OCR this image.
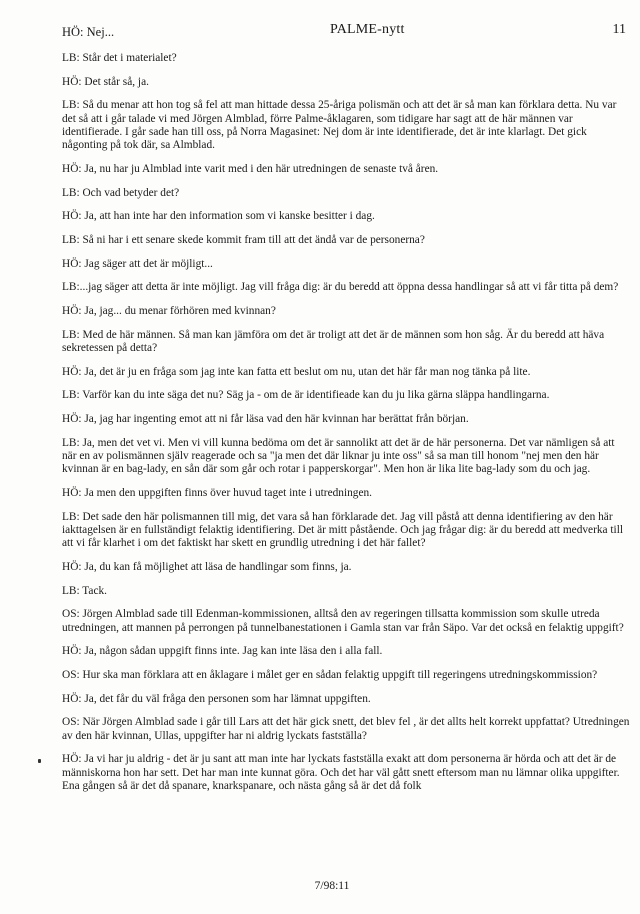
HÖ: Nej...	PALME-nytt	11

LB: Står det i materialet?

HÖ: Det står så, ja.

LB: Så du menar att hon tog så fel att man hittade dessa 25-åriga polismän och att det är så man kan förklara detta. Nu var det så att i går talade vi med Jörgen Almblad, förre Palme-åklagaren, som tidigare har sagt att de här männen var identifierade. I går sade han till oss, på Norra Magasinet: Nej dom är inte identifierade, det är inte klarlagt. Det gick någonting på tok där, sa Almblad.

HÖ: Ja, nu har ju Almblad inte varit med i den här utredningen de senaste två åren.

LB: Och vad betyder det?

HÖ: Ja, att han inte har den information som vi kanske besitter i dag.

LB: Så ni har i ett senare skede kommit fram till att det ändå var de personerna?

HÖ: Jag säger att det är möjligt...

LB:...jag säger att detta är inte möjligt. Jag vill fråga dig: är du beredd att öppna dessa handlingar så att vi får titta på dem?

HÖ: Ja, jag... du menar förhören med kvinnan?

LB: Med de här männen. Så man kan jämföra om det är troligt att det är de männen som hon såg. Är du beredd att häva sekretessen på detta?

HÖ: Ja, det är ju en fråga som jag inte kan fatta ett beslut om nu, utan det här får man nog tänka på lite.

LB: Varför kan du inte säga det nu? Säg ja - om de är identifieade kan du ju lika gärna släppa handlingarna.

HÖ: Ja, jag har ingenting emot att ni får läsa vad den här kvinnan har berättat från början.

LB: Ja, men det vet vi. Men vi vill kunna bedöma om det är sannolikt att det är de här personerna. Det var nämligen så att när en av polismännen själv reagerade och sa "ja men det där liknar ju inte oss" så sa man till honom "nej men den här kvinnan är en bag-lady, en sån där som går och rotar i papperskorgar". Men hon är lika lite bag-lady som du och jag.

HÖ: Ja men den uppgiften finns över huvud taget inte i utredningen.

LB: Det sade den här polismannen till mig, det vara så han förklarade det. Jag vill påstå att denna identifiering av den här iakttagelsen är en fullständigt felaktig identifiering. Det är mitt påstående. Och jag frågar dig: är du beredd att medverka till att vi får klarhet i om det faktiskt har skett en grundlig utredning i det här fallet?

HÖ: Ja, du kan få möjlighet att läsa de handlingar som finns, ja.

LB: Tack.

OS: Jörgen Almblad sade till Edenman-kommissionen, alltså den av regeringen tillsatta kommission som skulle utreda utredningen, att mannen på perrongen på tunnelbanestationen i Gamla stan var från Säpo. Var det också en felaktig uppgift?

HÖ: Ja, någon sådan uppgift finns inte. Jag kan inte läsa den i alla fall.

OS: Hur ska man förklara att en åklagare i målet ger en sådan felaktig uppgift till regeringens utredningskommission?

HÖ: Ja, det får du väl fråga den personen som har lämnat uppgiften.

OS: När Jörgen Almblad sade i går till Lars att det här gick snett, det blev fel , är det allts helt korrekt uppfattat? Utredningen av den här kvinnan, Ullas, uppgifter har ni aldrig lyckats fastställa?

HÖ: Ja vi har ju aldrig - det är ju sant att man inte har lyckats fastställa exakt att dom personerna är hörda och att det är de människorna hon har sett. Det har man inte kunnat göra. Och det har väl gått snett eftersom man nu lämnar olika uppgifter. Ena gången så är det då spanare, knarkspanare, och nästa gång så är det då folk

7/98:11
